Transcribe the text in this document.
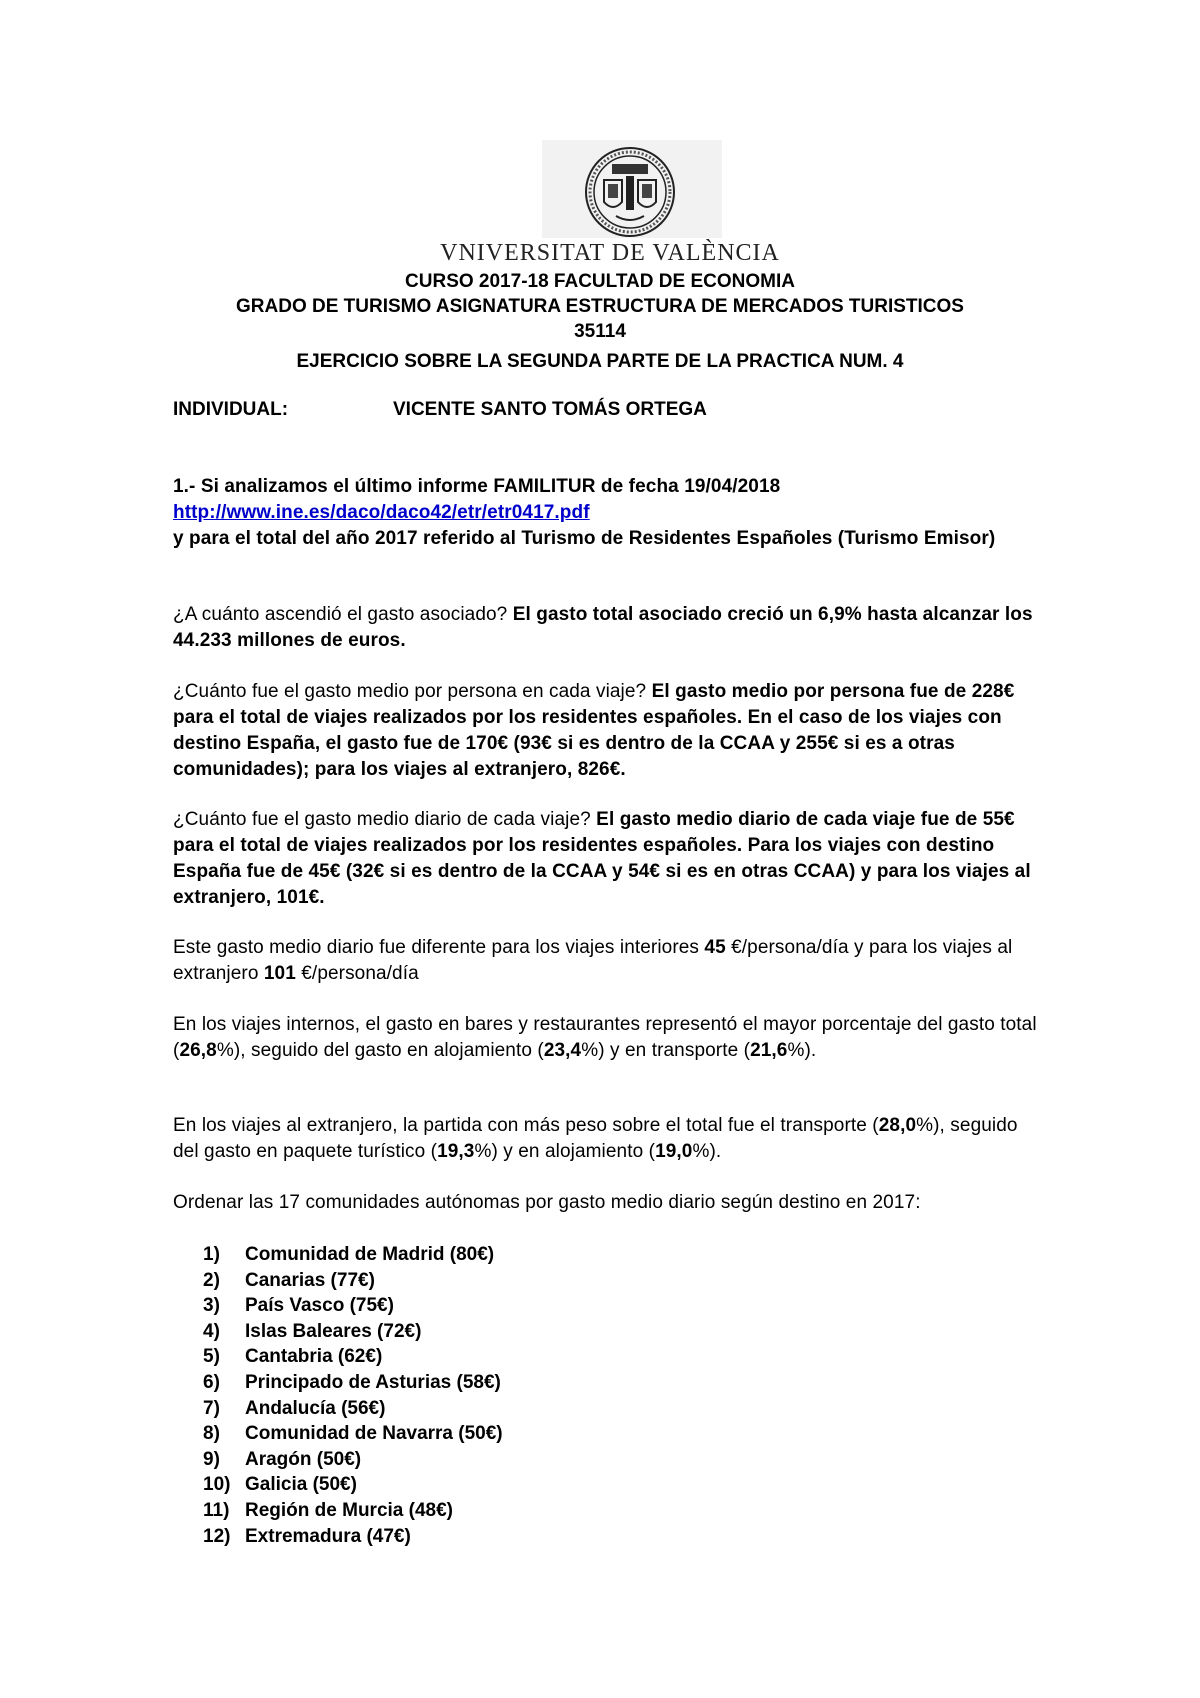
VNIVERSITAT DE VALÈNCIA
CURSO 2017-18 FACULTAD DE ECONOMIA
GRADO DE TURISMO ASIGNATURA ESTRUCTURA DE MERCADOS TURISTICOS
35114
EJERCICIO SOBRE LA SEGUNDA PARTE DE LA PRACTICA NUM. 4
INDIVIDUAL:	VICENTE SANTO TOMÁS ORTEGA
1.- Si analizamos el último informe FAMILITUR de fecha 19/04/2018
http://www.ine.es/daco/daco42/etr/etr0417.pdf
y para el total del año 2017 referido al Turismo de Residentes Españoles (Turismo Emisor)
¿A cuánto ascendió el gasto asociado? El gasto total asociado creció un 6,9% hasta alcanzar los 44.233 millones de euros.
¿Cuánto fue el gasto medio por persona en cada viaje? El gasto medio por persona fue de 228€ para el total de viajes realizados por los residentes españoles. En el caso de los viajes con destino España, el gasto fue de 170€ (93€ si es dentro de la CCAA y 255€ si es a otras comunidades); para los viajes al extranjero, 826€.
¿Cuánto fue el gasto medio diario de cada viaje? El gasto medio diario de cada viaje fue de 55€ para el total de viajes realizados por los residentes españoles. Para los viajes con destino España fue de 45€ (32€ si es dentro de la CCAA y 54€ si es en otras CCAA) y para los viajes al extranjero, 101€.
Este gasto medio diario fue diferente para los viajes interiores 45 €/persona/día y para los viajes al extranjero 101 €/persona/día
En los viajes internos, el gasto en bares y restaurantes representó el mayor porcentaje del gasto total (26,8%), seguido del gasto en alojamiento (23,4%) y en transporte (21,6%).
En los viajes al extranjero, la partida con más peso sobre el total fue el transporte (28,0%), seguido del gasto en paquete turístico (19,3%) y en alojamiento (19,0%).
Ordenar las 17 comunidades autónomas por gasto medio diario según destino en 2017:
1)	Comunidad de Madrid (80€)
2)	Canarias (77€)
3)	País Vasco (75€)
4)	Islas Baleares (72€)
5)	Cantabria (62€)
6)	Principado de Asturias (58€)
7)	Andalucía (56€)
8)	Comunidad de Navarra (50€)
9)	Aragón (50€)
10) Galicia (50€)
11) Región de Murcia (48€)
12) Extremadura (47€)
